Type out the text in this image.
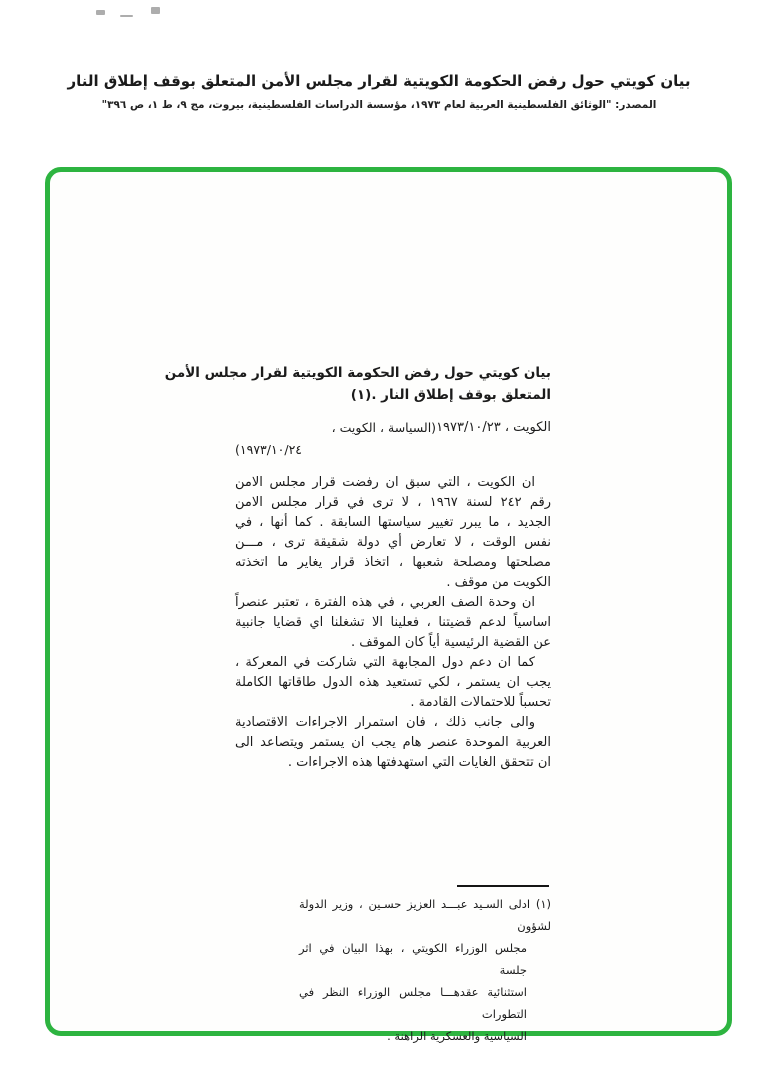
بيان كويتي حول رفض الحكومة الكويتية لقرار مجلس الأمن المتعلق بوقف إطلاق النار
المصدر: "الوثائق الفلسطينية العربية لعام ١٩٧٣، مؤسسة الدراسات الفلسطينية، بيروت، مج ٩، ط ١، ص ٣٩٦"
بيان كويتي حول رفض الحكومة الكويتية لقرار مجلس الأمن
المتعلق بوقف إطلاق النار .(١)
الكويت ، ١٩٧٣/١٠/٢٣
(السياسة ، الكويت ،
١٩٧٣/١٠/٢٤)
ان الكويت ، التي سبق ان رفضت قرار مجلس الامن
رقم ٢٤٢ لسنة ١٩٦٧ ، لا ترى في قرار مجلس الامن
الجديد ، ما يبرر تغيير سياستها السابقة . كما أنها ، في
نفس الوقت ، لا تعارض أي دولة شقيقة ترى ، مـــن
مصلحتها ومصلحة شعبها ، اتخاذ قرار يغاير ما اتخذته
الكويت من موقف .
ان وحدة الصف العربي ، في هذه الفترة ، تعتبر عنصراً
اساسياً لدعم قضيتنا ، فعلينا الا تشغلنا اي قضايا جانبية
عن القضية الرئيسية أياً كان الموقف .
كما ان دعم دول المجابهة التي شاركت في المعركة ،
يجب ان يستمر ، لكي تستعيد هذه الدول طاقاتها الكاملة
تحسباً للاحتمالات القادمة .
والى جانب ذلك ، فان استمرار الاجراءات الاقتصادية
العربية الموحدة عنصر هام يجب ان يستمر ويتصاعد الى
ان تتحقق الغايات التي استهدفتها هذه الاجراءات .
(١) ادلى السـيد عبـــد العزيز حسـين ، وزير الدولة لشؤون
مجلس الوزراء الكويتي ، بهذا البيان في اثر جلسة
استثنائية عقدهـــا مجلس الوزراء النظر في التطورات
السياسية والعسكرية الراهنة .
